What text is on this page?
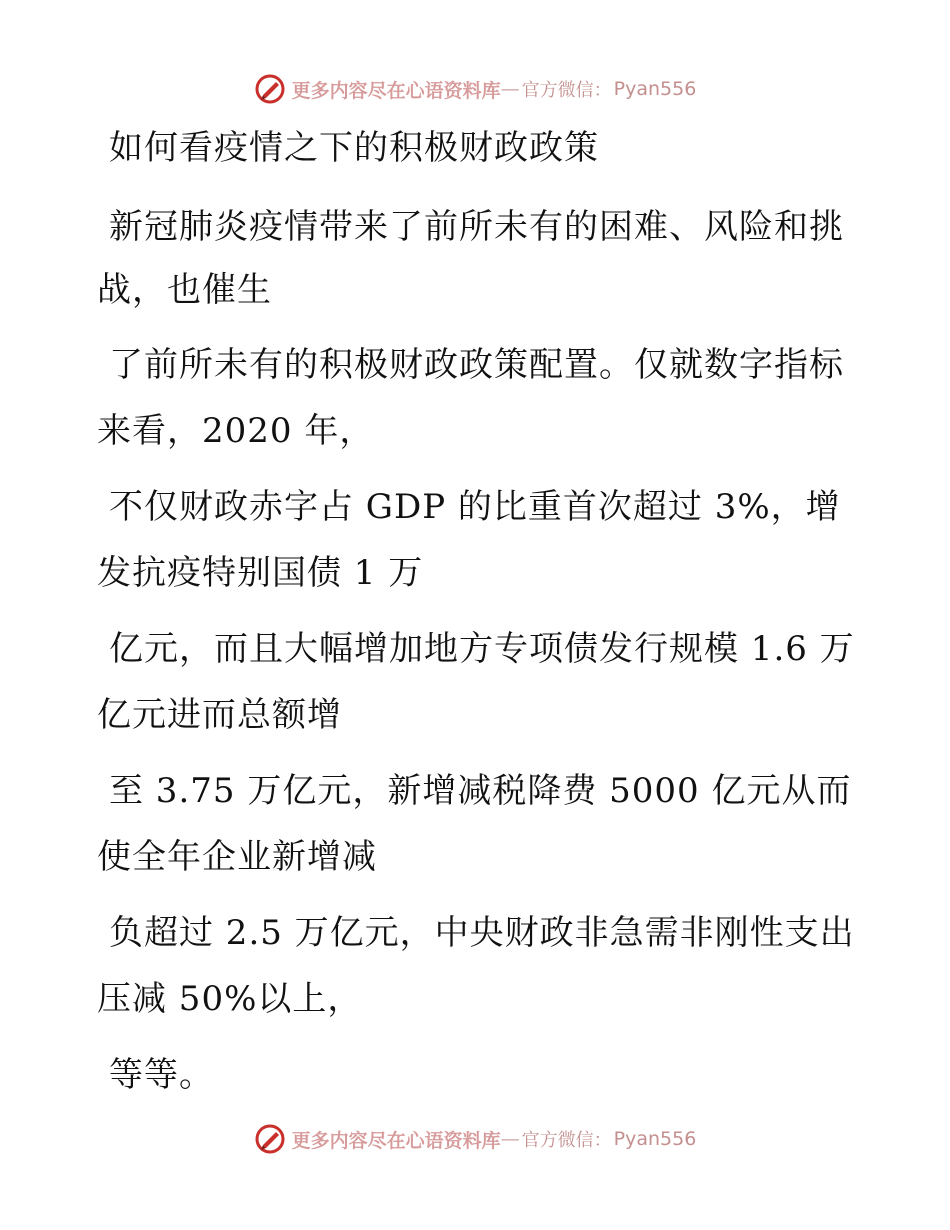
更多内容尽在心语资料库 — 官方微信： Pyan556
如何看疫情之下的积极财政政策

新冠肺炎疫情带来了前所未有的困难、风险和挑战，也催生

了前所未有的积极财政政策配置。仅就数字指标来看，2020 年，

不仅财政赤字占 GDP 的比重首次超过 3%，增发抗疫特别国债 1 万

亿元，而且大幅增加地方专项债发行规模 1.6 万亿元进而总额增

至 3.75 万亿元，新增减税降费 5000 亿元从而使全年企业新增减

负超过 2.5 万亿元，中央财政非急需非刚性支出压减 50%以上，

等等。

更多内容尽在心语资料库 — 官方微信： Pyan556
